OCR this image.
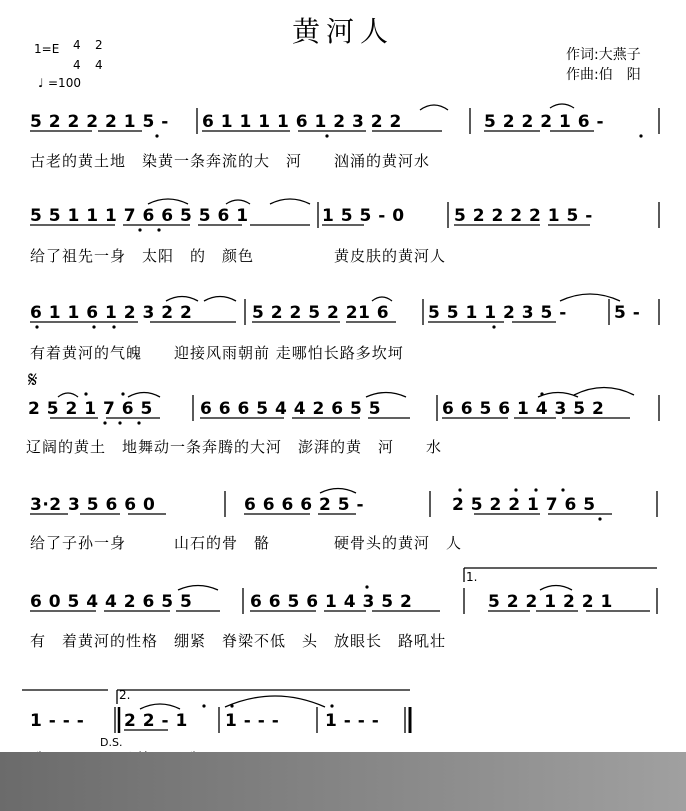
黄河人
1=E 4
4
2
4
♩ =100
作词:大燕子
作曲:伯　阳
5 2 2 2 2 1 5 - 6 1 1 1 1 6 1 2 3 2 2	5 2 2 2 1 6 -
古老的黄土地　染黄一条奔流的大　河　　汹涌的黄河水
5 5 1 1 1 7 6 6 5 5 6 1	1 5 5 - 0	5 2 2 2 2 1 5 -
给了祖先一身　太阳　的　颜色　　　　　黄皮肤的黄河人
6 1 1 6 1 2 3 2 2	5 2 2 5 2 21 6 5 5 1 1 2 3 5 -	5 -
有着黄河的气魄　　迎接风雨朝前 走哪怕长路多坎坷
𝄋
2 5 2 1 7 6 5	6 6 6 5 4 4 2 6 5 5	6 6 5 6 1 4 3 5 2
辽阔的黄土　地舞动一条奔腾的大河　澎湃的黄　河　　水
3·2 3 5 6 6 0	6 6 6 6 2 5 -	2 5 2 2 1 7 6 5
给了子孙一身　　　山石的骨　骼　　　　硬骨头的黄河　人
6 0 5 4 4 2 6 5 5	6 6 5 6 1 4 3 5 2
1.
5 2 2 1 2 2 1
有　着黄河的性格　绷紧　脊梁不低　头　放眼长　路吼壮
1 - - -
2.
2 2 - 1 1 - - -	1 - - -
D.S.
